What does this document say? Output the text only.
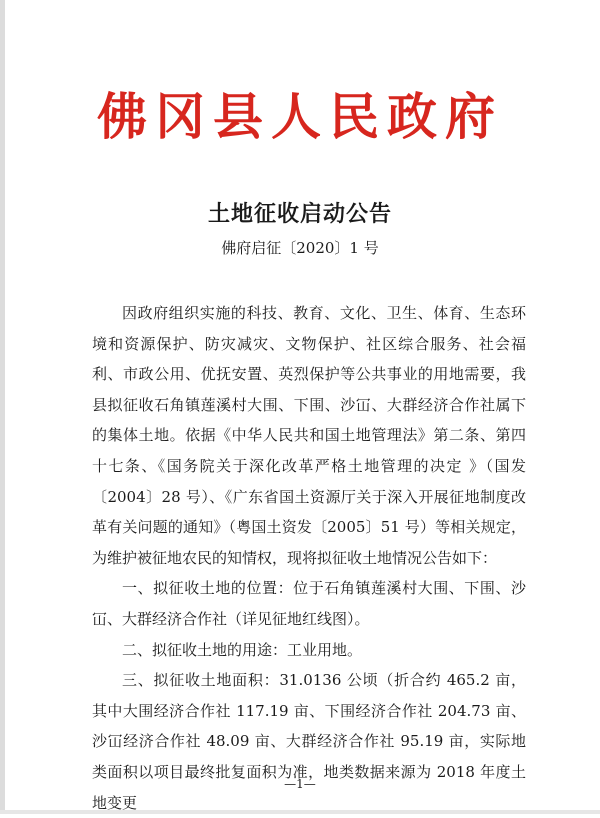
佛冈县人民政府
土地征收启动公告
佛府启征〔2020〕1 号

因政府组织实施的科技、教育、文化、卫生、体育、生态环境和资源保护、防灾减灾、文物保护、社区综合服务、社会福利、市政公用、优抚安置、英烈保护等公共事业的用地需要，我县拟征收石角镇莲溪村大围、下围、沙冚、大群经济合作社属下的集体土地。依据《中华人民共和国土地管理法》第二条、第四十七条、《国务院关于深化改革严格土地管理的决定 》（国发〔2004〕28 号）、《广东省国土资源厅关于深入开展征地制度改革有关问题的通知》（粤国土资发〔2005〕51 号）等相关规定，为维护被征地农民的知情权，现将拟征收土地情况公告如下：

一、拟征收土地的位置：位于石角镇莲溪村大围、下围、沙冚、大群经济合作社（详见征地红线图）。

二、拟征收土地的用途：工业用地。

三、拟征收土地面积：31.0136 公顷（折合约 465.2 亩，其中大围经济合作社 117.19 亩、下围经济合作社 204.73 亩、沙冚经济合作社 48.09 亩、大群经济合作社 95.19 亩，实际地类面积以项目最终批复面积为准，地类数据来源为 2018 年度土地变更

—1—
